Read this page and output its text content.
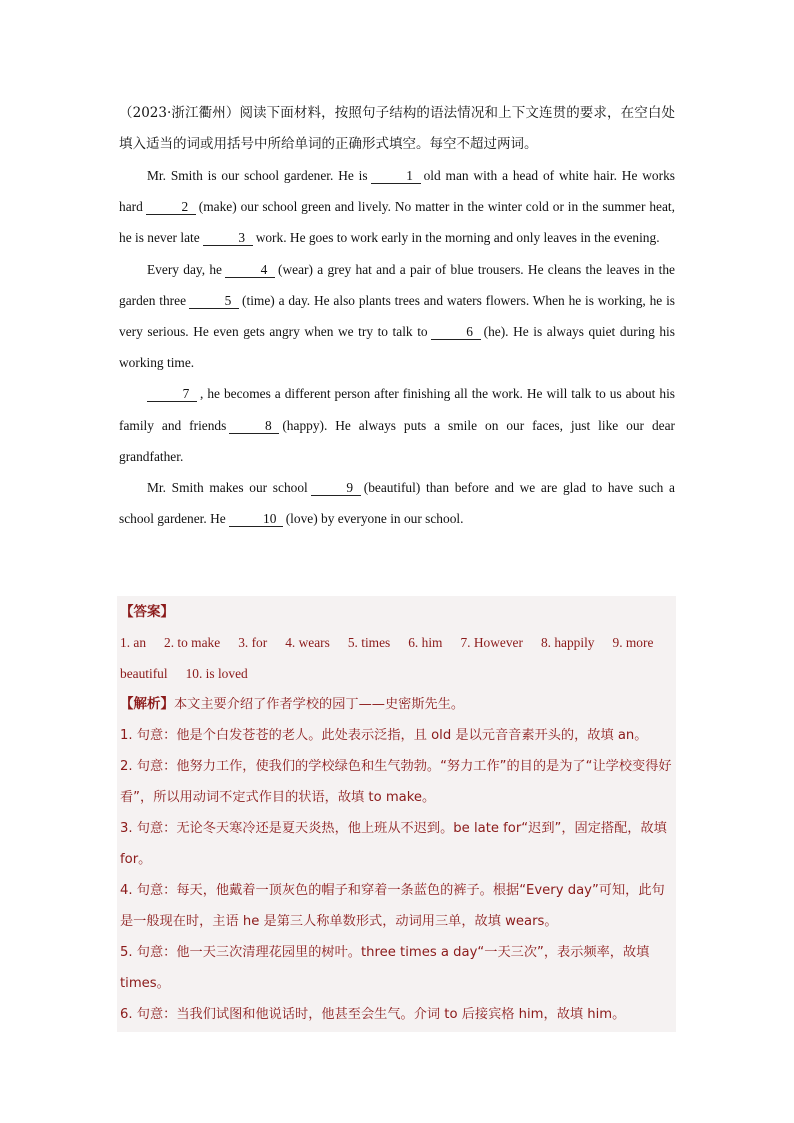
（2023·浙江衢州）阅读下面材料，按照句子结构的语法情况和上下文连贯的要求，在空白处填入适当的词或用括号中所给单词的正确形式填空。每空不超过两词。

Mr. Smith is our school gardener. He is	1 old man with a head of white hair. He works hard	2 (make) our school green and lively. No matter in the winter cold or in the summer heat, he is never late	3 work. He goes to work early in the morning and only leaves in the evening.

Every day, he	4 (wear) a grey hat and a pair of blue trousers. He cleans the leaves in the garden three	5 (time) a day. He also plants trees and waters flowers. When he is working, he is very serious. He even gets angry when we try to talk to	6 (he). He is always quiet during his working time.

7 , he becomes a different person after finishing all the work. He will talk to us about his family and friends	8 (happy). He always puts a smile on our faces, just like our dear grandfather.

Mr. Smith makes our school	9 (beautiful) than before and we are glad to have such a school gardener. He	10 (love) by everyone in our school.

【答案】
1. an 2. to make 3. for 4. wears 5. times 6. him 7. However 8. happily 9. more beautiful 10. is loved

【解析】本文主要介绍了作者学校的园丁——史密斯先生。

1. 句意：他是个白发苍苍的老人。此处表示泛指，且 old 是以元音音素开头的，故填 an。

2. 句意：他努力工作，使我们的学校绿色和生气勃勃。“努力工作”的目的是为了“让学校变得好看”，所以用动词不定式作目的状语，故填 to make。

3. 句意：无论冬天寒冷还是夏天炎热，他上班从不迟到。be late for“迟到”，固定搭配，故填 for。

4. 句意：每天，他戴着一顶灰色的帽子和穿着一条蓝色的裤子。根据“Every day”可知，此句是一般现在时，主语 he 是第三人称单数形式，动词用三单，故填 wears。

5. 句意：他一天三次清理花园里的树叶。three times a day“一天三次”，表示频率，故填 times。

6. 句意：当我们试图和他说话时，他甚至会生气。介词 to 后接宾格 him，故填 him。
